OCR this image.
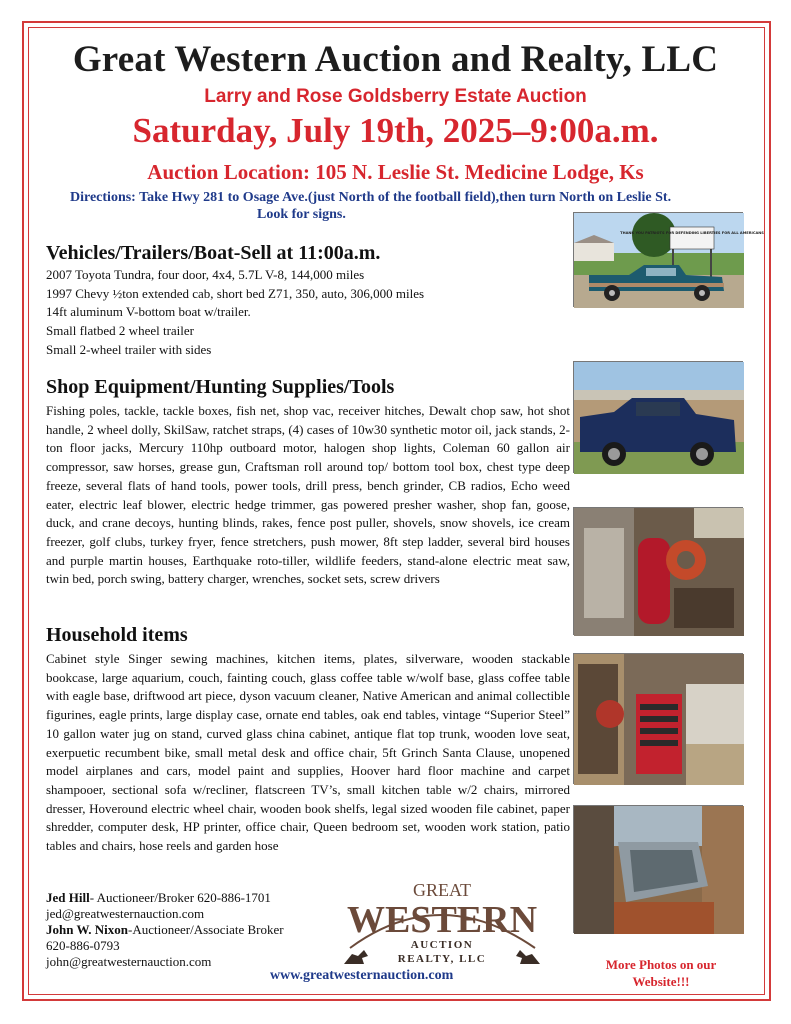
Great Western Auction and Realty, LLC
Larry and Rose Goldsberry Estate Auction
Saturday, July 19th, 2025–9:00a.m.
Auction Location: 105 N. Leslie St. Medicine Lodge, Ks
Directions: Take Hwy 281 to Osage Ave.(just North of the football field),then turn North on Leslie St.
Look for signs.
Vehicles/Trailers/Boat-Sell at 11:00a.m.
2007 Toyota Tundra, four door, 4x4, 5.7L V-8, 144,000 miles
1997 Chevy ½ton extended cab, short bed Z71, 350, auto, 306,000 miles
14ft aluminum V-bottom boat w/trailer.
Small flatbed 2 wheel trailer
Small 2-wheel trailer with sides
Shop Equipment/Hunting Supplies/Tools
Fishing poles, tackle, tackle boxes, fish net, shop vac, receiver hitches, Dewalt chop saw, hot shot handle, 2 wheel dolly, SkilSaw, ratchet straps, (4) cases of 10w30 synthetic motor oil, jack stands, 2-ton floor jacks, Mercury 110hp outboard motor, halogen shop lights, Coleman 60 gallon air compressor, saw horses, grease gun, Craftsman roll around top/ bottom tool box, chest type deep freeze, several flats of hand tools, power tools, drill press, bench grinder, CB radios, Echo weed eater, electric leaf blower, electric hedge trimmer, gas powered presher washer, shop fan, goose, duck, and crane decoys, hunting blinds, rakes, fence post puller, shovels, snow shovels, ice cream freezer, golf clubs, turkey fryer, fence stretchers, push mower, 8ft step ladder, several bird houses and purple martin houses, Earthquake roto-tiller, wildlife feeders, stand-alone electric meat saw, twin bed, porch swing, battery charger, wrenches, socket sets, screw drivers
Household items
Cabinet style Singer sewing machines, kitchen items, plates, silverware, wooden stackable bookcase, large aquarium, couch, fainting couch, glass coffee table w/wolf base, glass coffee table with eagle base, driftwood art piece, dyson vacuum cleaner, Native American and animal collectible figurines, eagle prints, large display case, ornate end tables, oak end tables, vintage “Superior Steel” 10 gallon water jug on stand, curved glass china cabinet, antique flat top trunk, wooden love seat, exerpuetic recumbent bike, small metal desk and office chair, 5ft Grinch Santa Clause, unopened model airplanes and cars, model paint and supplies, Hoover hard floor machine and carpet shampooer, sectional sofa w/recliner, flatscreen TV’s, small kitchen table w/2 chairs, mirrored dresser, Hoveround electric wheel chair, wooden book shelfs, legal sized wooden file cabinet, paper shredder, computer desk, HP printer, office chair, Queen bedroom set, wooden work station, patio tables and chairs, hose reels and garden hose
THANK YOU PATRIOTS FOR DEFENDING LIBERTIES FOR ALL AMERICANS
Jed Hill- Auctioneer/Broker 620-886-1701
jed@greatwesternauction.com
John W. Nixon-Auctioneer/Associate Broker
620-886-0793
john@greatwesternauction.com
GREAT
WESTERN
AUCTION
REALTY, LLC
www.greatwesternauction.com
More Photos on our Website!!!
